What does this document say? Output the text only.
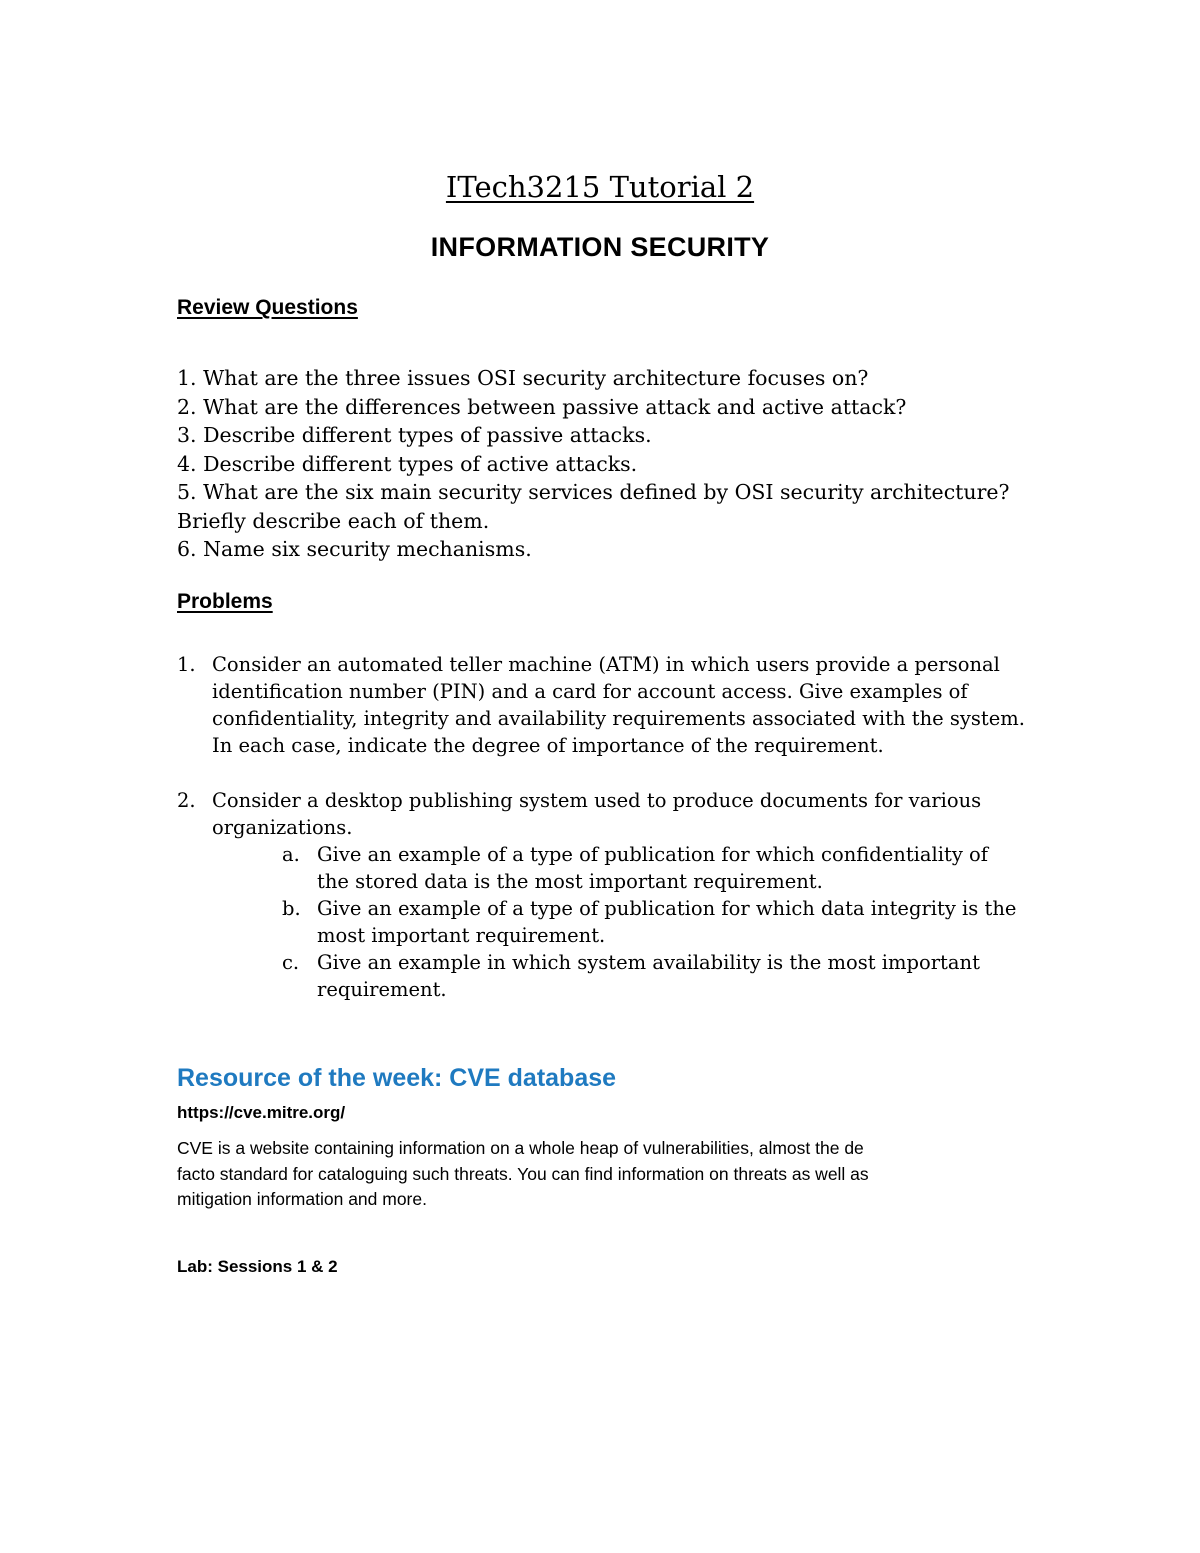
ITech3215 Tutorial 2
INFORMATION SECURITY
Review Questions
1. What are the three issues OSI security architecture focuses on?
2. What are the differences between passive attack and active attack?
3. Describe different types of passive attacks.
4. Describe different types of active attacks.
5. What are the six main security services defined by OSI security architecture?
Briefly describe each of them.
6. Name six security mechanisms.
Problems
1. Consider an automated teller machine (ATM) in which users provide a personal identification number (PIN) and a card for account access. Give examples of confidentiality, integrity and availability requirements associated with the system. In each case, indicate the degree of importance of the requirement.
2. Consider a desktop publishing system used to produce documents for various organizations.
a. Give an example of a type of publication for which confidentiality of the stored data is the most important requirement.
b. Give an example of a type of publication for which data integrity is the most important requirement.
c. Give an example in which system availability is the most important requirement.
Resource of the week: CVE database
https://cve.mitre.org/
CVE is a website containing information on a whole heap of vulnerabilities, almost the de facto standard for cataloguing such threats. You can find information on threats as well as mitigation information and more.
Lab: Sessions 1 & 2
